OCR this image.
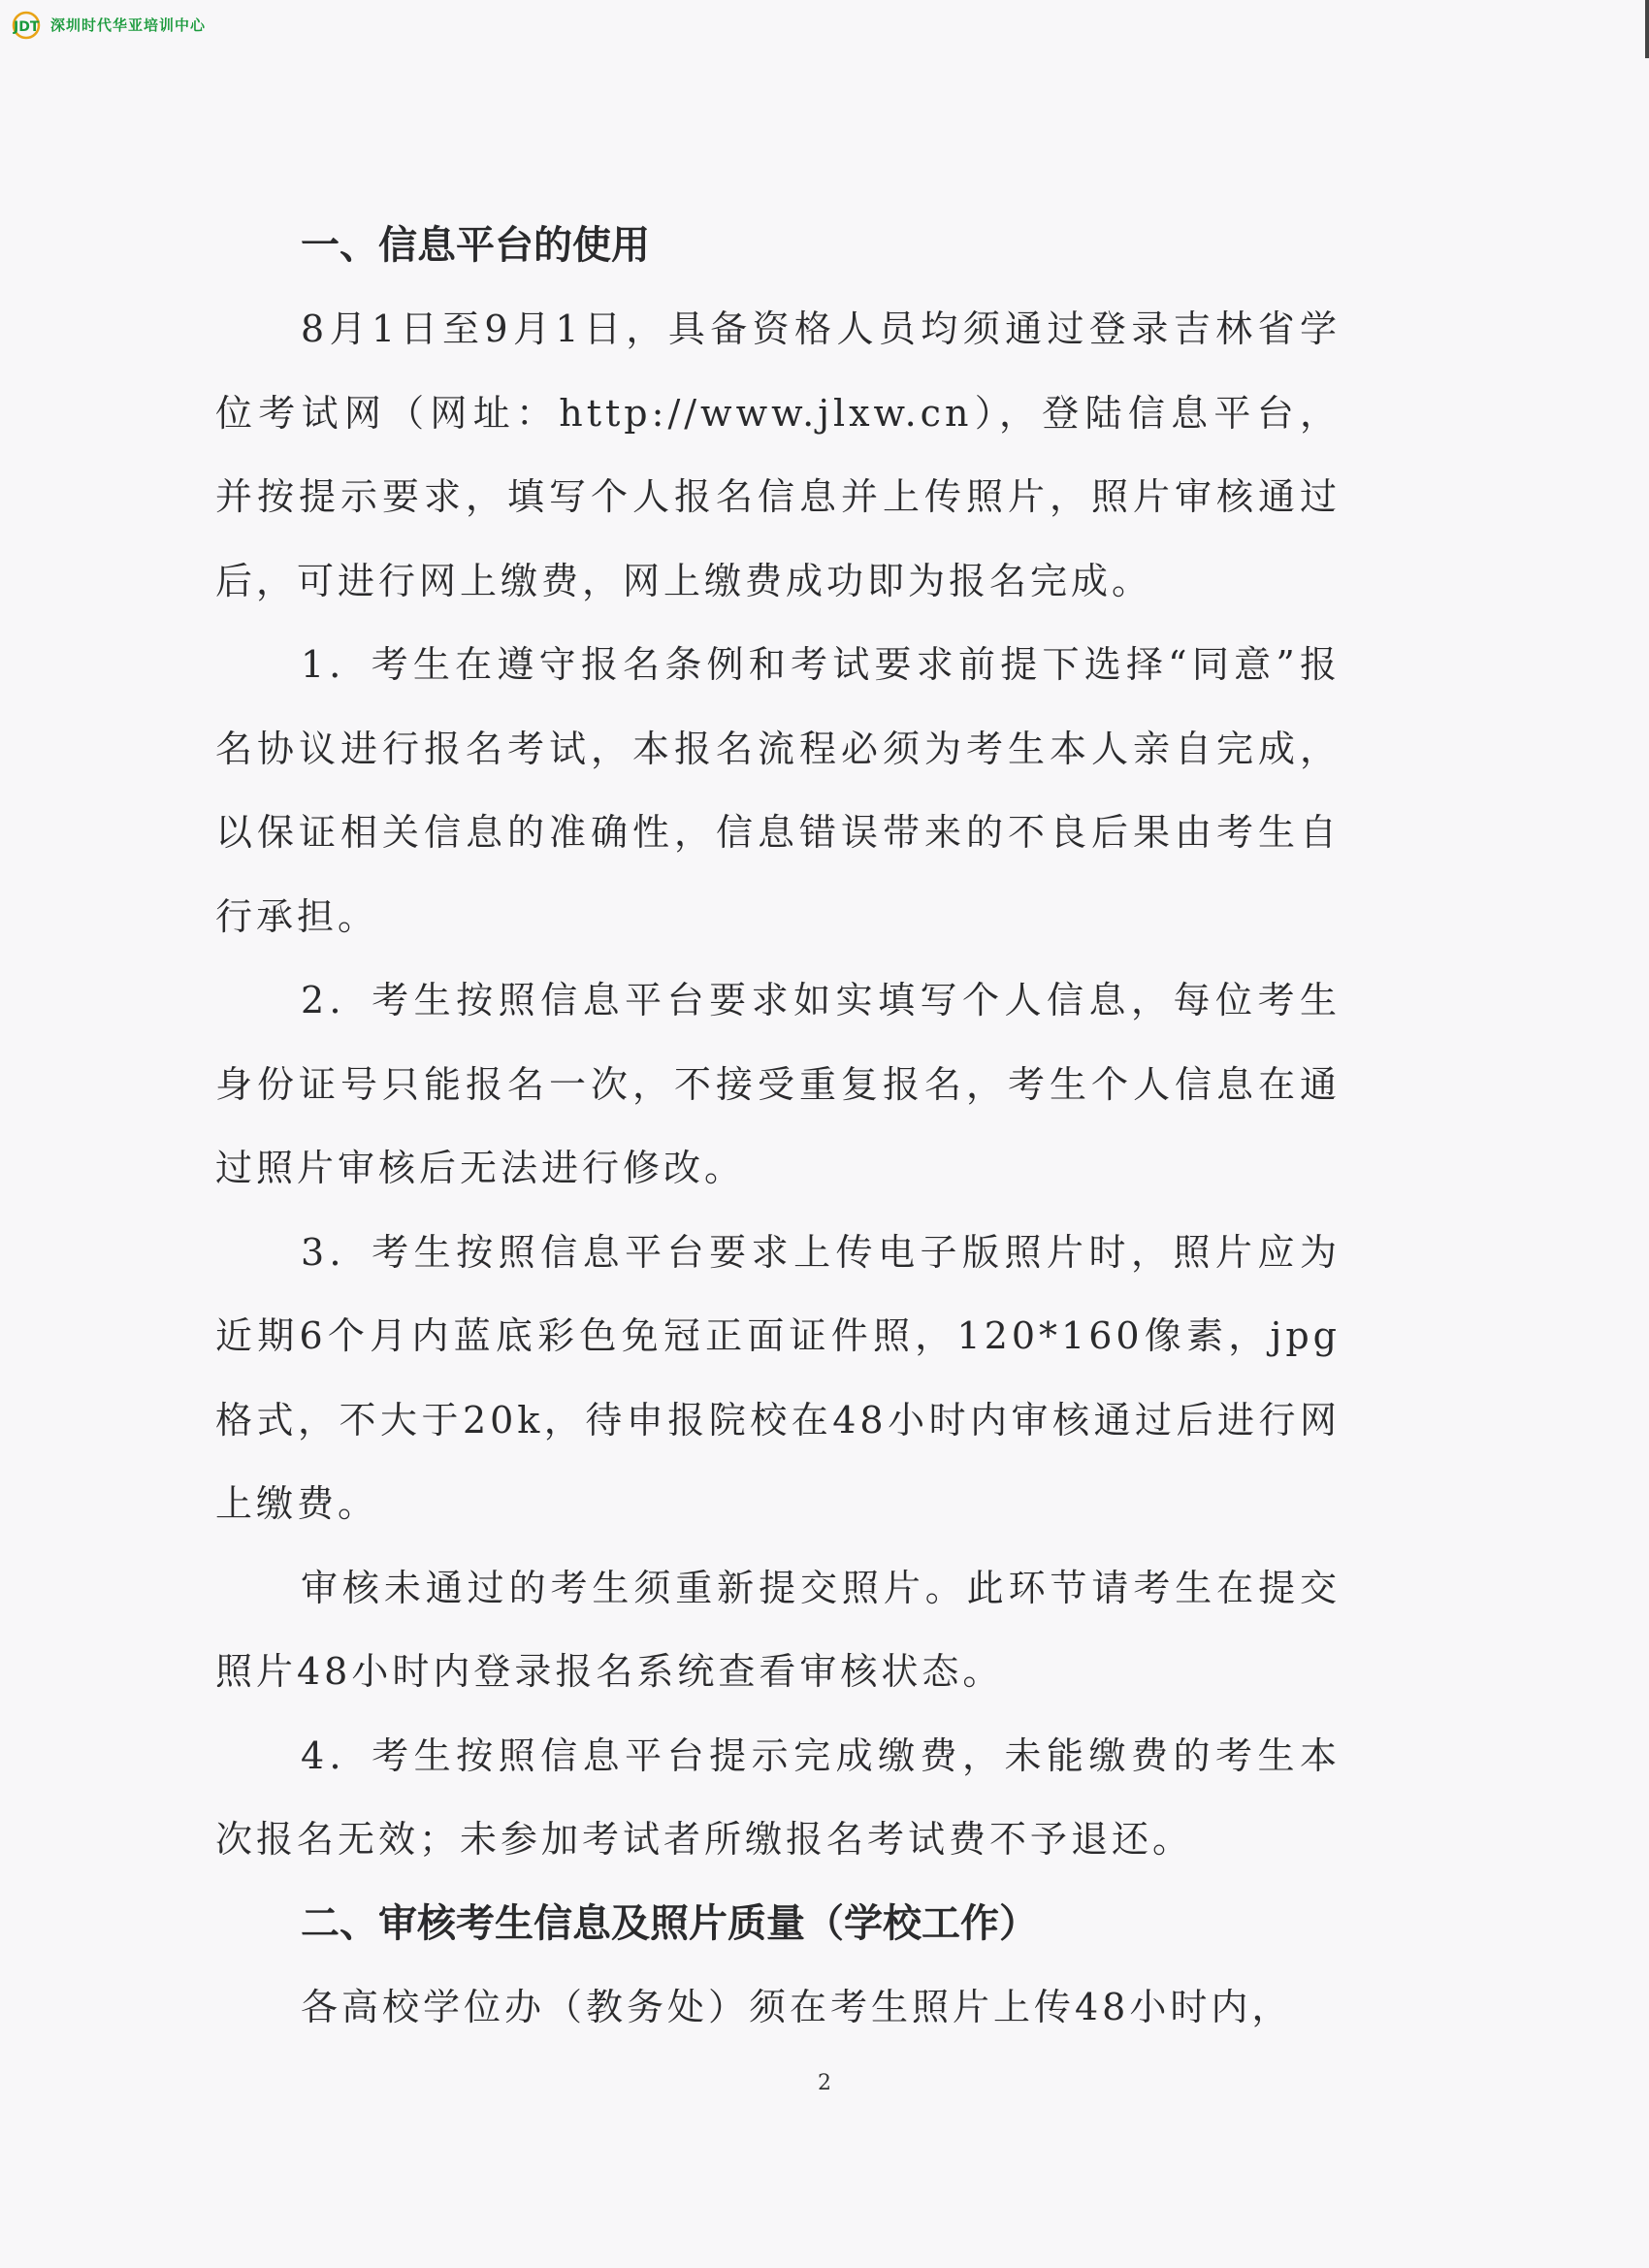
JDT 深圳时代华亚培训中心
一、信息平台的使用

8月1日至9月1日，具备资格人员均须通过登录吉林省学位考试网（网址：http://www.jlxw.cn），登陆信息平台，并按提示要求，填写个人报名信息并上传照片，照片审核通过后，可进行网上缴费，网上缴费成功即为报名完成。

1．考生在遵守报名条例和考试要求前提下选择“同意”报名协议进行报名考试，本报名流程必须为考生本人亲自完成，以保证相关信息的准确性，信息错误带来的不良后果由考生自行承担。

2．考生按照信息平台要求如实填写个人信息，每位考生身份证号只能报名一次，不接受重复报名，考生个人信息在通过照片审核后无法进行修改。

3．考生按照信息平台要求上传电子版照片时，照片应为近期6个月内蓝底彩色免冠正面证件照，120*160像素，jpg格式，不大于20k，待申报院校在48小时内审核通过后进行网上缴费。

审核未通过的考生须重新提交照片。此环节请考生在提交照片48小时内登录报名系统查看审核状态。

4．考生按照信息平台提示完成缴费，未能缴费的考生本次报名无效；未参加考试者所缴报名考试费不予退还。

二、审核考生信息及照片质量（学校工作）

各高校学位办（教务处）须在考生照片上传48小时内，

2
